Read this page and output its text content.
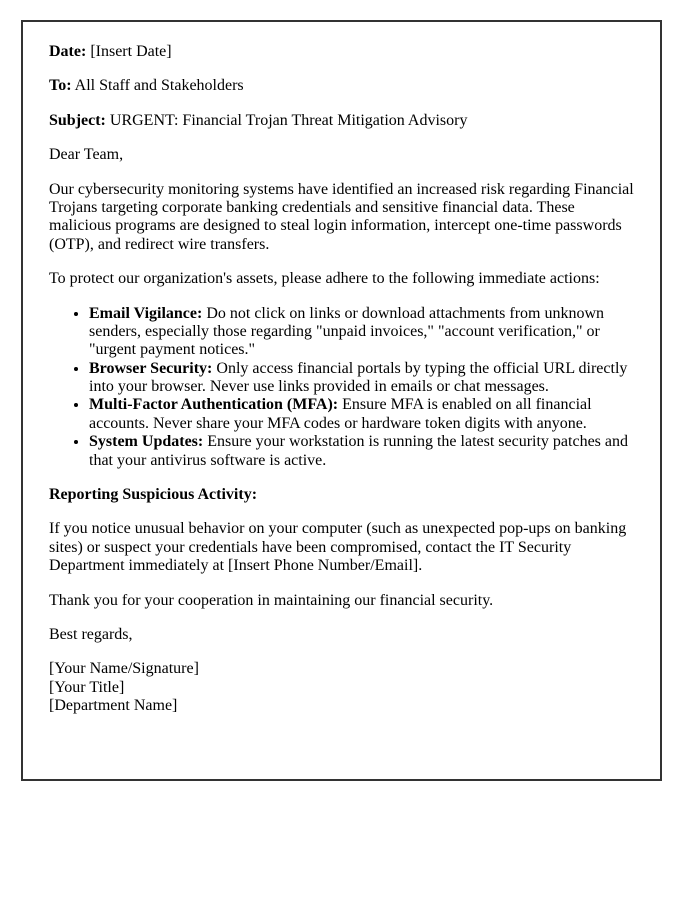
Date: [Insert Date]

To: All Staff and Stakeholders

Subject: URGENT: Financial Trojan Threat Mitigation Advisory

Dear Team,

Our cybersecurity monitoring systems have identified an increased risk regarding Financial Trojans targeting corporate banking credentials and sensitive financial data. These malicious programs are designed to steal login information, intercept one-time passwords (OTP), and redirect wire transfers.

To protect our organization's assets, please adhere to the following immediate actions:

• Email Vigilance: Do not click on links or download attachments from unknown senders, especially those regarding "unpaid invoices," "account verification," or "urgent payment notices."
• Browser Security: Only access financial portals by typing the official URL directly into your browser. Never use links provided in emails or chat messages.
• Multi-Factor Authentication (MFA): Ensure MFA is enabled on all financial accounts. Never share your MFA codes or hardware token digits with anyone.
• System Updates: Ensure your workstation is running the latest security patches and that your antivirus software is active.

Reporting Suspicious Activity:

If you notice unusual behavior on your computer (such as unexpected pop-ups on banking sites) or suspect your credentials have been compromised, contact the IT Security Department immediately at [Insert Phone Number/Email].

Thank you for your cooperation in maintaining our financial security.

Best regards,

[Your Name/Signature]
[Your Title]
[Department Name]
